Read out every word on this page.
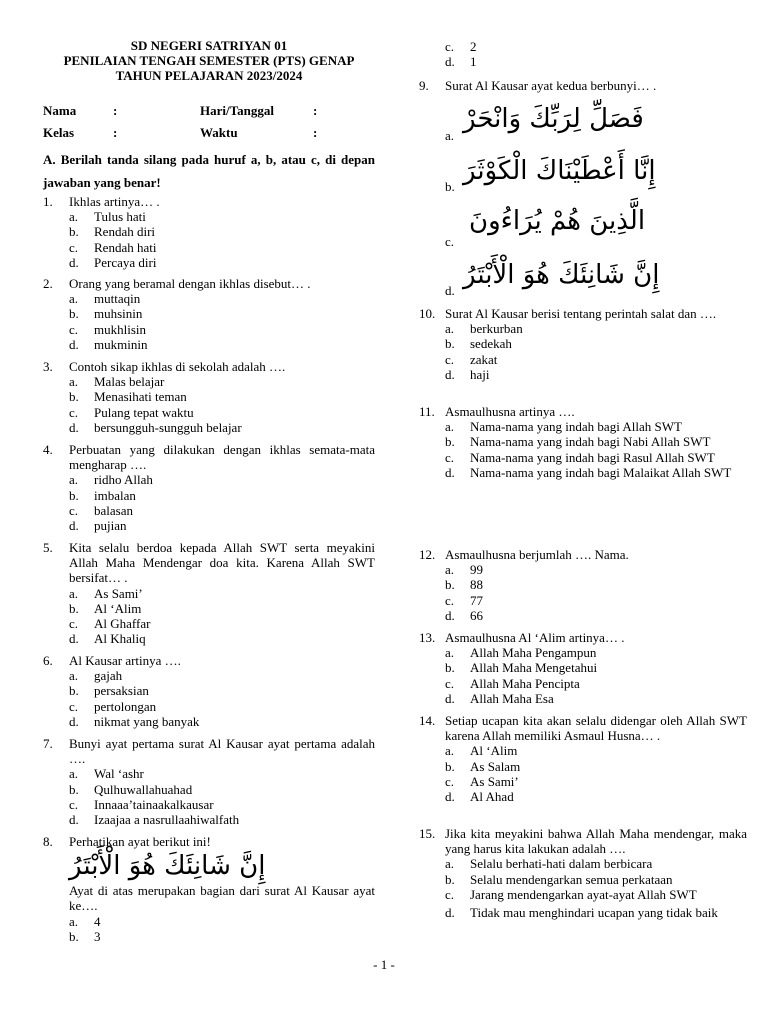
SD NEGERI SATRIYAN 01
PENILAIAN TENGAH SEMESTER (PTS) GENAP
TAHUN PELAJARAN 2023/2024
Nama	:	Hari/Tanggal	:
Kelas	:	Waktu	:
A. Berilah tanda silang pada huruf a, b, atau c, di depan jawaban yang benar!
1. Ikhlas artinya… .
a. Tulus hati
b. Rendah diri
c. Rendah hati
d. Percaya diri
2. Orang yang beramal dengan ikhlas disebut… .
a. muttaqin
b. muhsinin
c. mukhlisin
d. mukminin
3. Contoh sikap ikhlas di sekolah adalah ….
a. Malas belajar
b. Menasihati teman
c. Pulang tepat waktu
d. bersungguh-sungguh belajar
4. Perbuatan yang dilakukan dengan ikhlas semata-mata mengharap ….
a. ridho Allah
b. imbalan
c. balasan
d. pujian
5. Kita selalu berdoa kepada Allah SWT serta meyakini Allah Maha Mendengar doa kita. Karena Allah SWT bersifat… .
a. As Sami’
b. Al ‘Alim
c. Al Ghaffar
d. Al Khaliq
6. Al Kausar artinya ….
a. gajah
b. persaksian
c. pertolongan
d. nikmat yang banyak
7. Bunyi ayat pertama surat Al Kausar ayat pertama adalah ….
a. Wal ‘ashr
b. Qulhuwallahuahad
c. Innaaa’tainaakalkausar
d. Izaajaa a nasrullaahiwalfath
8. Perhatikan ayat berikut ini!
إِنَّ شَانِئَكَ هُوَ الْأَبْتَرُ
Ayat di atas merupakan bagian dari surat Al Kausar ayat ke….
a. 4
b. 3
c. 2
d. 1
9. Surat Al Kausar ayat kedua berbunyi… .
a.
فَصَلِّ لِرَبِّكَ وَانْحَرْ
b.
إِنَّا أَعْطَيْنَاكَ الْكَوْثَرَ
c.
الَّذِينَ هُمْ يُرَاءُونَ
d.
إِنَّ شَانِئَكَ هُوَ الْأَبْتَرُ
10. Surat Al Kausar berisi tentang perintah salat dan ….
a. berkurban
b. sedekah
c. zakat
d. haji
11. Asmaulhusna artinya ….
a. Nama-nama yang indah bagi Allah SWT
b. Nama-nama yang indah bagi Nabi Allah SWT
c. Nama-nama yang indah bagi Rasul Allah SWT
d. Nama-nama yang indah bagi Malaikat Allah SWT
12. Asmaulhusna berjumlah …. Nama.
a. 99
b. 88
c. 77
d. 66
13. Asmaulhusna Al ‘Alim artinya… .
a. Allah Maha Pengampun
b. Allah Maha Mengetahui
c. Allah Maha Pencipta
d. Allah Maha Esa
14. Setiap ucapan kita akan selalu didengar oleh Allah SWT karena Allah memiliki Asmaul Husna… .
a. Al ‘Alim
b. As Salam
c. As Sami’
d. Al Ahad
15. Jika kita meyakini bahwa Allah Maha mendengar, maka yang harus kita lakukan adalah ….
a. Selalu berhati-hati dalam berbicara
b. Selalu mendengarkan semua perkataan
c. Jarang mendengarkan ayat-ayat Allah SWT
d. Tidak mau menghindari ucapan yang tidak baik
- 1 -
